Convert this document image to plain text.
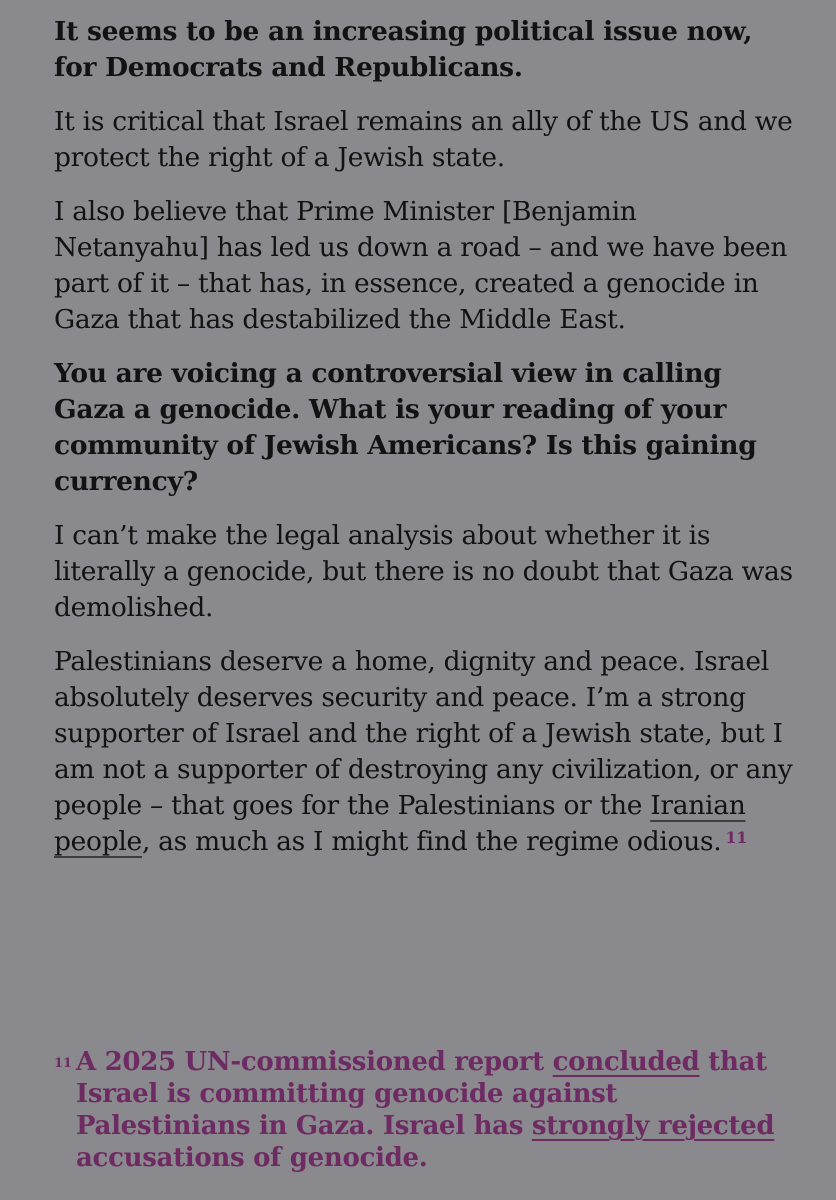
It seems to be an increasing political issue now, for Democrats and Republicans.

It is critical that Israel remains an ally of the US and we protect the right of a Jewish state.

I also believe that Prime Minister [Benjamin Netanyahu] has led us down a road – and we have been part of it – that has, in essence, created a genocide in Gaza that has destabilized the Middle East.

You are voicing a controversial view in calling Gaza a genocide. What is your reading of your community of Jewish Americans? Is this gaining currency?

I can’t make the legal analysis about whether it is literally a genocide, but there is no doubt that Gaza was demolished.

Palestinians deserve a home, dignity and peace. Israel absolutely deserves security and peace. I’m a strong supporter of Israel and the right of a Jewish state, but I am not a supporter of destroying any civilization, or any people – that goes for the Palestinians or the Iranian people, as much as I might find the regime odious. $^{11}$

11 A 2025 UN-commissioned report concluded that Israel is committing genocide against Palestinians in Gaza. Israel has strongly rejected accusations of genocide.
